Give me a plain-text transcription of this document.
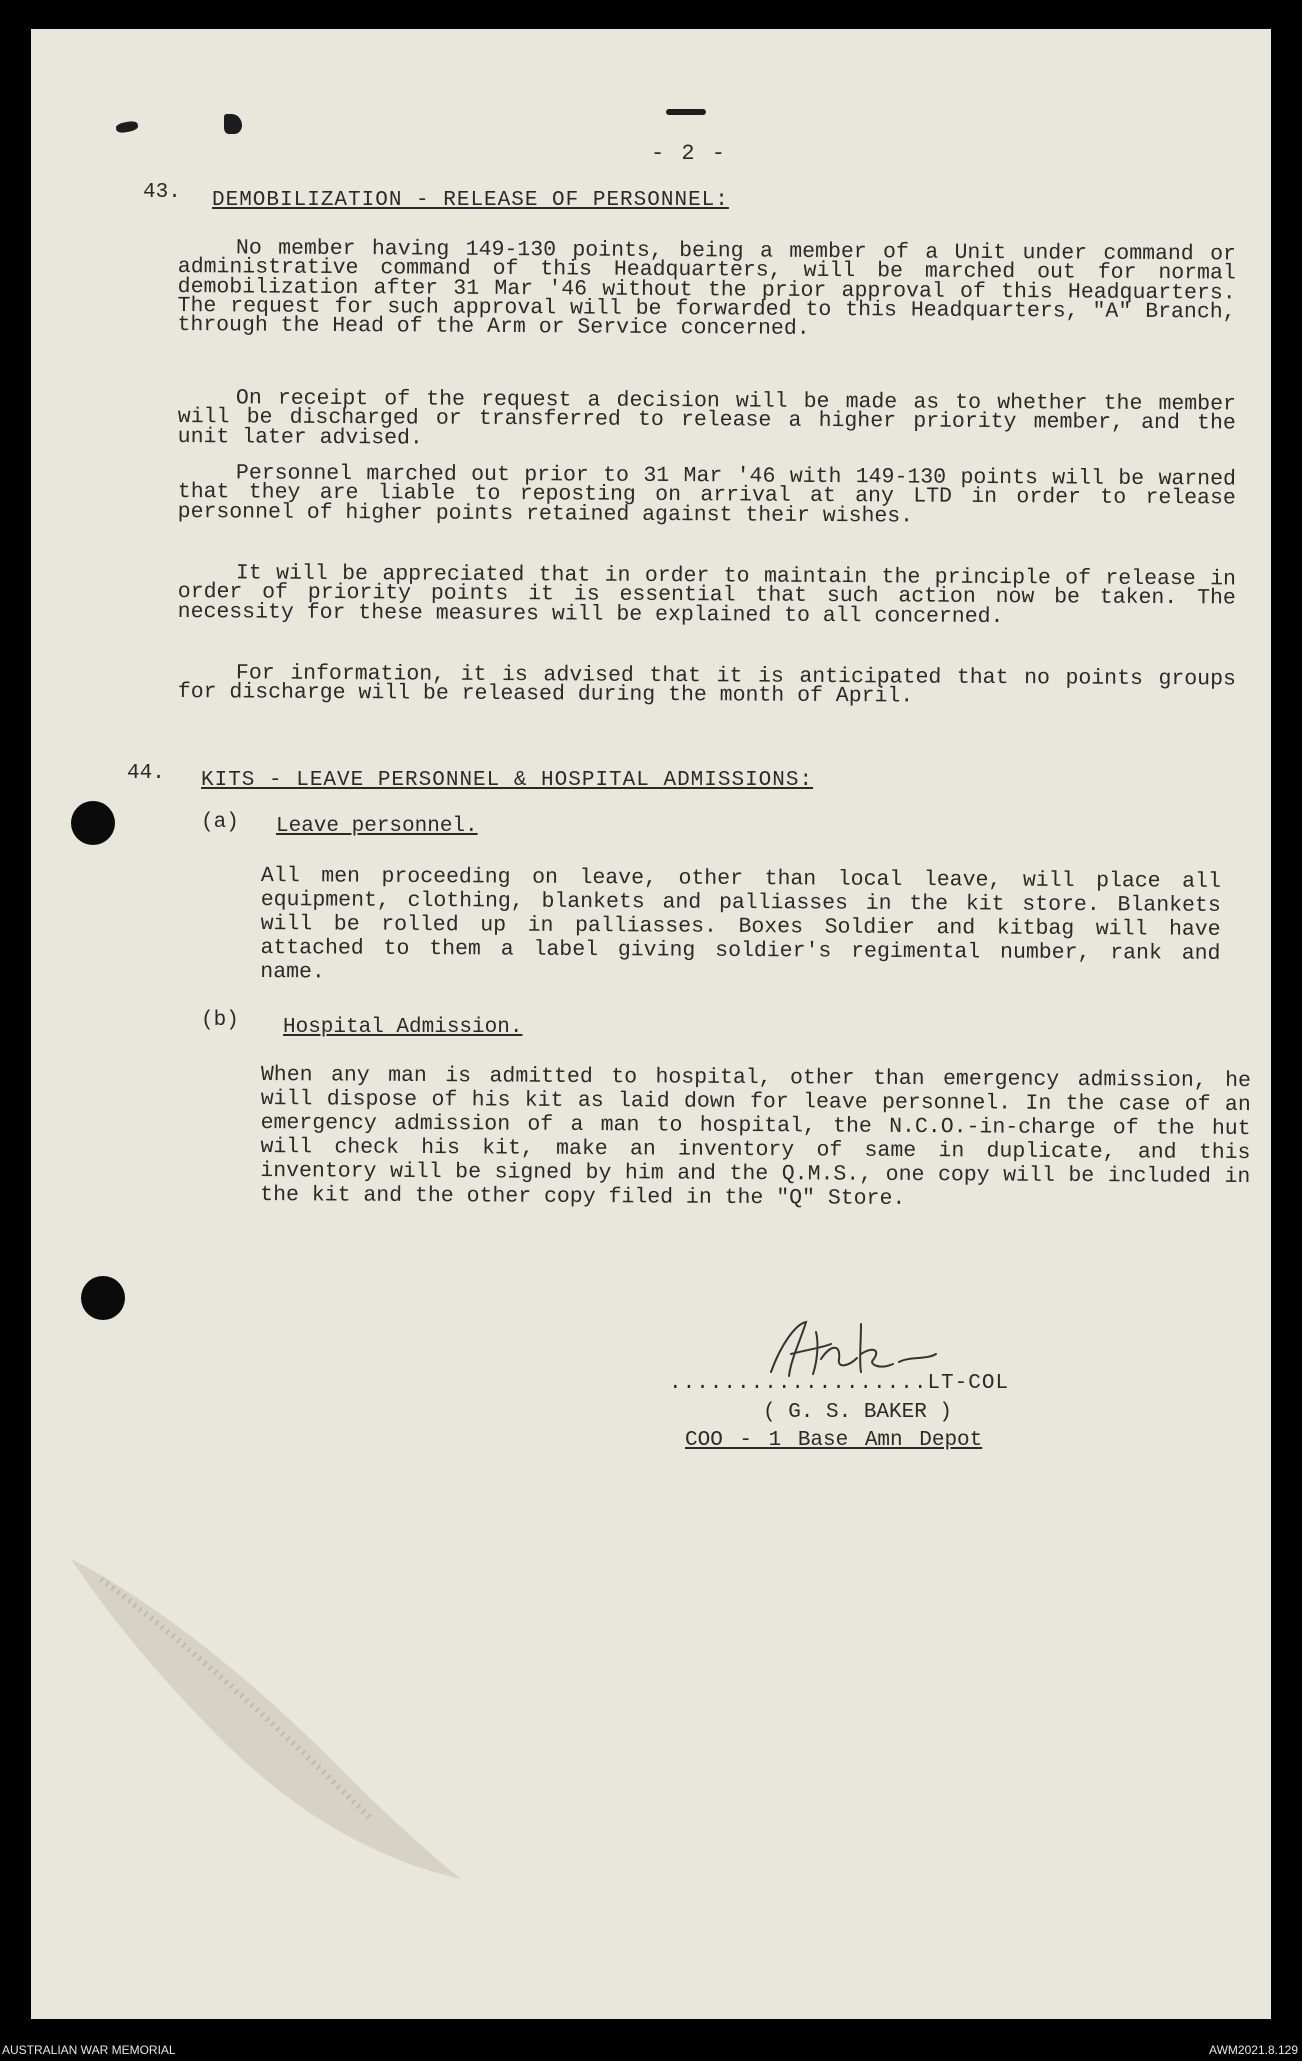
- 2 -
43. DEMOBILIZATION - RELEASE OF PERSONNEL:

No member having 149-130 points, being a member of a Unit under command or administrative command of this Headquarters, will be marched out for normal demobilization after 31 Mar '46 without the prior approval of this Headquarters. The request for such approval will be forwarded to this Headquarters, "A" Branch, through the Head of the Arm or Service concerned.

On receipt of the request a decision will be made as to whether the member will be discharged or transferred to release a higher priority member, and the unit later advised.

Personnel marched out prior to 31 Mar '46 with 149-130 points will be warned that they are liable to reposting on arrival at any LTD in order to release personnel of higher points retained against their wishes.

It will be appreciated that in order to maintain the principle of release in order of priority points it is essential that such action now be taken. The necessity for these measures will be explained to all concerned.

For information, it is advised that it is anticipated that no points groups for discharge will be released during the month of April.

44. KITS - LEAVE PERSONNEL & HOSPITAL ADMISSIONS:
(a) Leave personnel.

All men proceeding on leave, other than local leave, will place all equipment, clothing, blankets and palliasses in the kit store. Blankets will be rolled up in palliasses. Boxes Soldier and kitbag will have attached to them a label giving soldier's regimental number, rank and name.

(b) Hospital Admission.

When any man is admitted to hospital, other than emergency admission, he will dispose of his kit as laid down for leave personnel. In the case of an emergency admission of a man to hospital, the N.C.O.-in-charge of the hut will check his kit, make an inventory of same in duplicate, and this inventory will be signed by him and the Q.M.S., one copy will be included in the kit and the other copy filed in the "Q" Store.

...................LT-COL
( G. S. BAKER )
COO - 1 Base Amn Depot
AUSTRALIAN WAR MEMORIAL	AWM2021.8.129
